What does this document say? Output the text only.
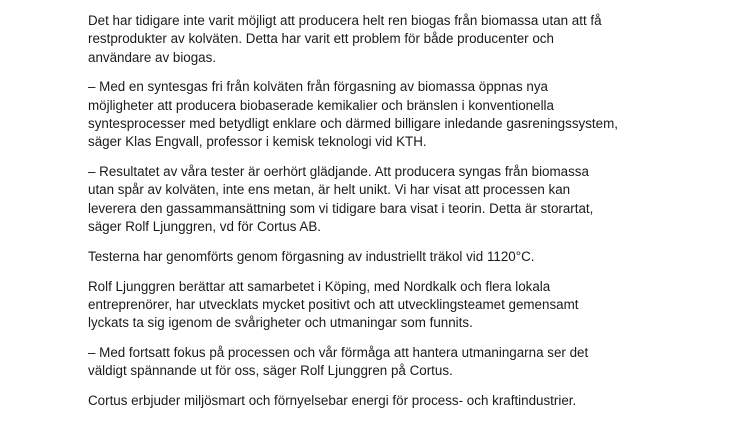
Det har tidigare inte varit möjligt att producera helt ren biogas från biomassa utan att få
restprodukter av kolväten. Detta har varit ett problem för både producenter och
användare av biogas.

– Med en syntesgas fri från kolväten från förgasning av biomassa öppnas nya
möjligheter att producera biobaserade kemikalier och bränslen i konventionella
syntesprocesser med betydligt enklare och därmed billigare inledande gasreningssystem,
säger Klas Engvall, professor i kemisk teknologi vid KTH.

– Resultatet av våra tester är oerhört glädjande. Att producera syngas från biomassa
utan spår av kolväten, inte ens metan, är helt unikt. Vi har visat att processen kan
leverera den gassammansättning som vi tidigare bara visat i teorin. Detta är storartat,
säger Rolf Ljunggren, vd för Cortus AB.

Testerna har genomförts genom förgasning av industriellt träkol vid 1120°C.

Rolf Ljunggren berättar att samarbetet i Köping, med Nordkalk och flera lokala
entreprenörer, har utvecklats mycket positivt och att utvecklingsteamet gemensamt
lyckats ta sig igenom de svårigheter och utmaningar som funnits.

– Med fortsatt fokus på processen och vår förmåga att hantera utmaningarna ser det
väldigt spännande ut för oss, säger Rolf Ljunggren på Cortus.

Cortus erbjuder miljösmart och förnyelsebar energi för process- och kraftindustrier.
